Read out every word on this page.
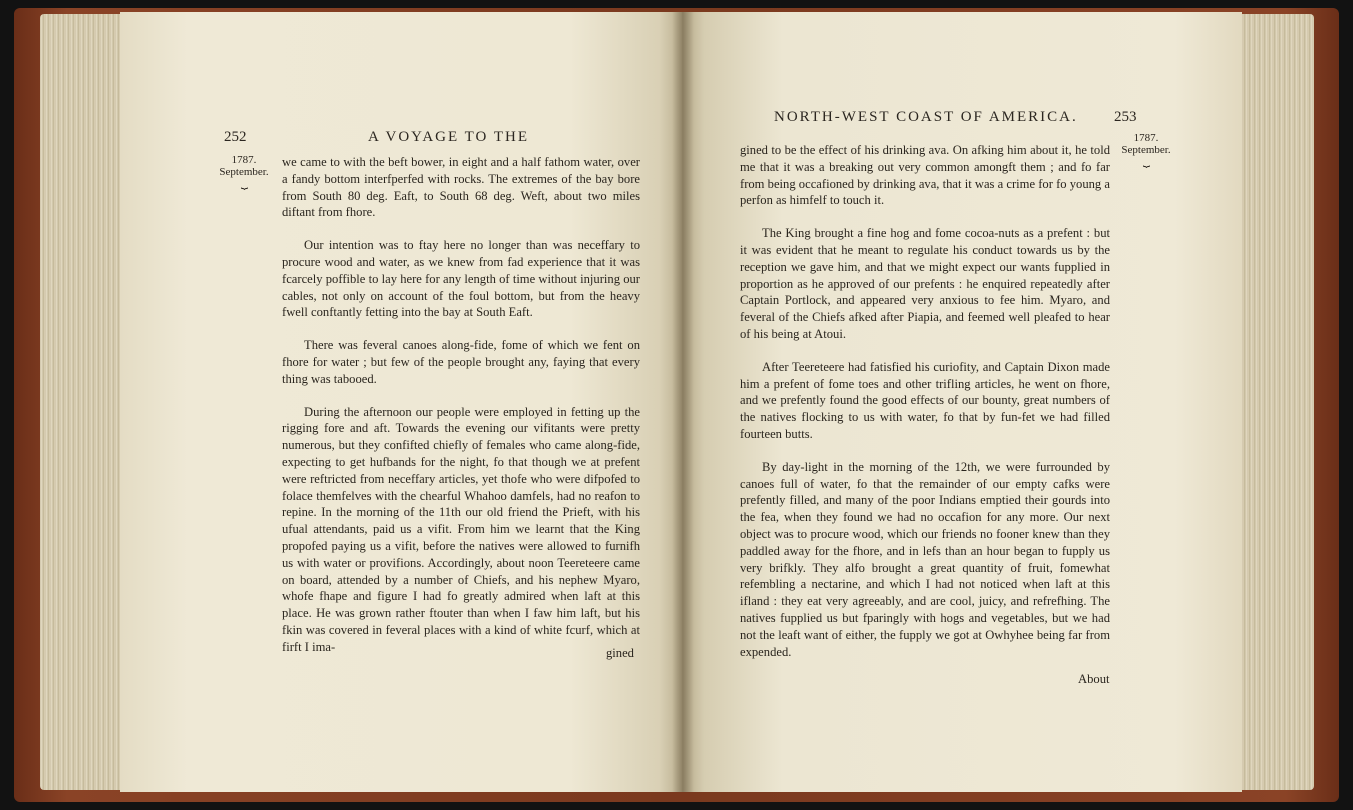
252	A VOYAGE TO THE
1787.
September.
⏟

we came to with the beft bower, in eight and a half fathom water, over a fandy bottom interfperfed with rocks. The extremes of the bay bore from South 80 deg. Eaft, to South 68 deg. Weft, about two miles diftant from fhore.

Our intention was to ftay here no longer than was neceffary to procure wood and water, as we knew from fad experience that it was fcarcely poffible to lay here for any length of time without injuring our cables, not only on account of the foul bottom, but from the heavy fwell conftantly fetting into the bay at South Eaft.

There was feveral canoes along-fide, fome of which we fent on fhore for water ; but few of the people brought any, faying that every thing was tabooed.

During the afternoon our people were employed in fetting up the rigging fore and aft. Towards the evening our vifitants were pretty numerous, but they confifted chiefly of females who came along-fide, expecting to get hufbands for the night, fo that though we at prefent were reftricted from neceffary articles, yet thofe who were difpofed to folace themfelves with the chearful Whahoo damfels, had no reafon to repine. In the morning of the 11th our old friend the Prieft, with his ufual attendants, paid us a vifit. From him we learnt that the King propofed paying us a vifit, before the natives were allowed to furnifh us with water or provifions. Accordingly, about noon Teereteere came on board, attended by a number of Chiefs, and his nephew Myaro, whofe fhape and figure I had fo greatly admired when laft at this place. He was grown rather ftouter than when I faw him laft, but his fkin was covered in feveral places with a kind of white fcurf, which at firft I ima-	gined
NORTH-WEST COAST OF AMERICA. 253
1787.
September.
⏟

gined to be the effect of his drinking ava. On afking him about it, he told me that it was a breaking out very common amongft them ; and fo far from being occafioned by drinking ava, that it was a crime for fo young a perfon as himfelf to touch it.

The King brought a fine hog and fome cocoa-nuts as a prefent : but it was evident that he meant to regulate his conduct towards us by the reception we gave him, and that we might expect our wants fupplied in proportion as he approved of our prefents : he enquired repeatedly after Captain Portlock, and appeared very anxious to fee him. Myaro, and feveral of the Chiefs afked after Piapia, and feemed well pleafed to hear of his being at Atoui.

After Teereteere had fatisfied his curiofity, and Captain Dixon made him a prefent of fome toes and other trifling articles, he went on fhore, and we prefently found the good effects of our bounty, great numbers of the natives flocking to us with water, fo that by fun-fet we had filled fourteen butts.

By day-light in the morning of the 12th, we were furrounded by canoes full of water, fo that the remainder of our empty cafks were prefently filled, and many of the poor Indians emptied their gourds into the fea, when they found we had no occafion for any more. Our next object was to procure wood, which our friends no fooner knew than they paddled away for the fhore, and in lefs than an hour began to fupply us very brifkly. They alfo brought a great quantity of fruit, fomewhat refembling a nectarine, and which I had not noticed when laft at this ifland : they eat very agreeably, and are cool, juicy, and refrefhing. The natives fupplied us but fparingly with hogs and vegetables, but we had not the leaft want of either, the fupply we got at Owhyhee being far from expended.

About
